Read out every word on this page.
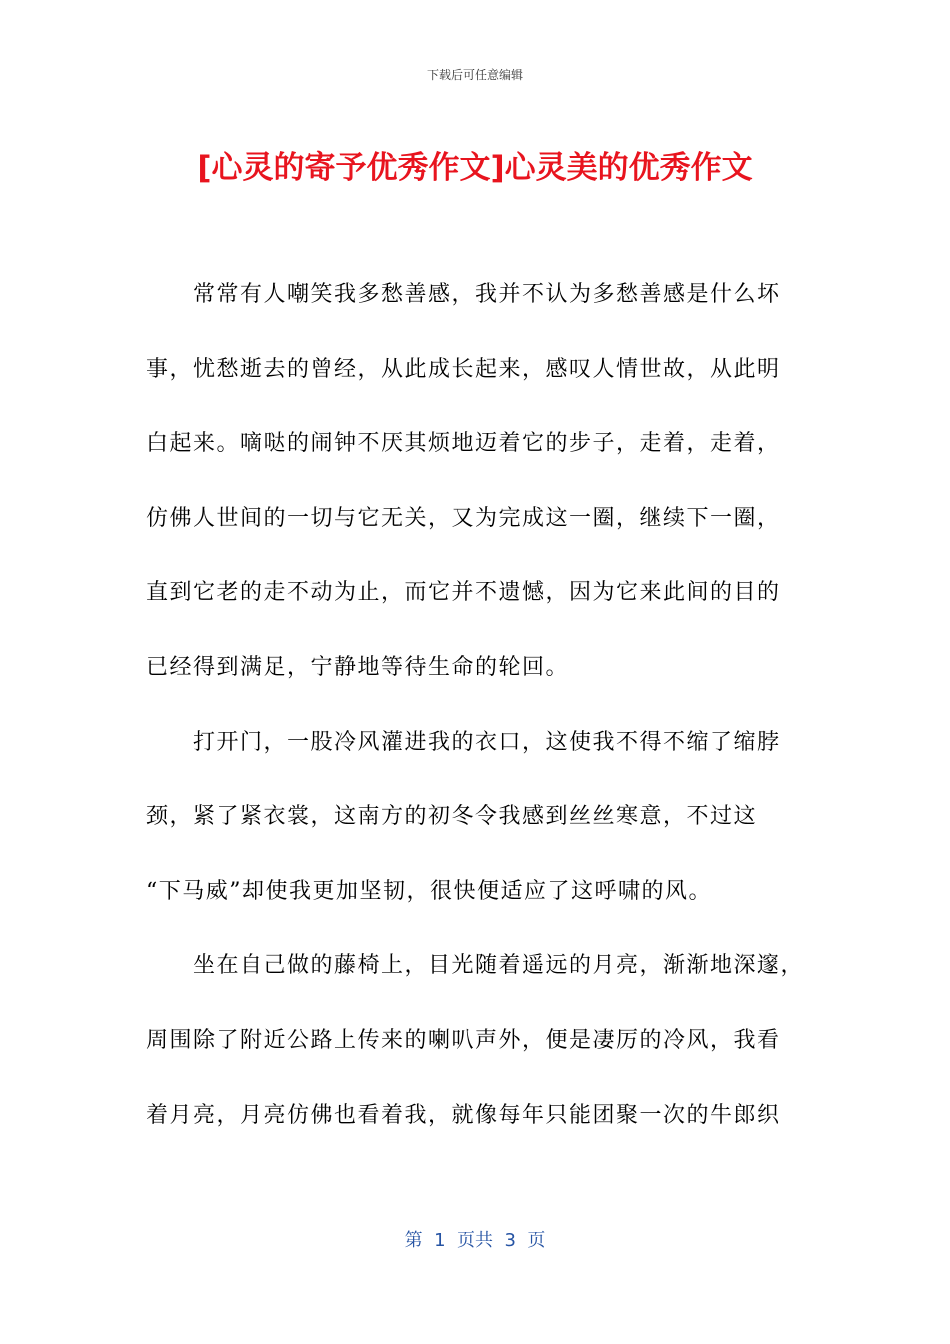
下载后可任意编辑
[心灵的寄予优秀作文]心灵美的优秀作文
　　常常有人嘲笑我多愁善感，我并不认为多愁善感是什么坏
事，忧愁逝去的曾经，从此成长起来，感叹人情世故，从此明
白起来。嘀哒的闹钟不厌其烦地迈着它的步子，走着，走着，
仿佛人世间的一切与它无关，又为完成这一圈，继续下一圈，
直到它老的走不动为止，而它并不遗憾，因为它来此间的目的
已经得到满足，宁静地等待生命的轮回。
　　打开门，一股冷风灌进我的衣口，这使我不得不缩了缩脖
颈，紧了紧衣裳，这南方的初冬令我感到丝丝寒意，不过这
“下马威”却使我更加坚韧，很快便适应了这呼啸的风。
　　坐在自己做的藤椅上，目光随着遥远的月亮，渐渐地深邃，
周围除了附近公路上传来的喇叭声外，便是凄厉的冷风，我看
着月亮，月亮仿佛也看着我，就像每年只能团聚一次的牛郎织
第  1  页共  3  页
